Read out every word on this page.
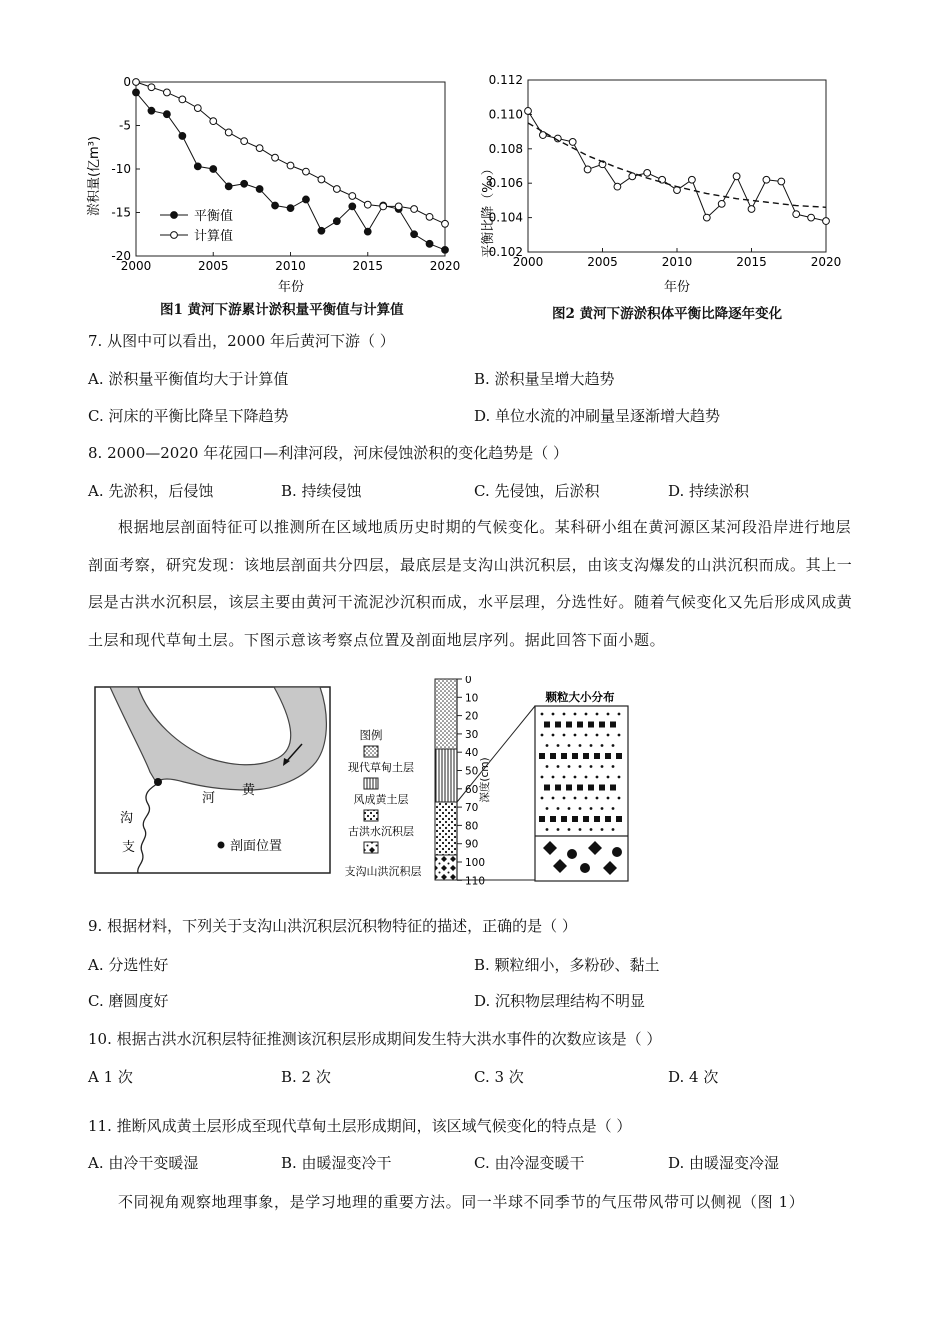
2000	2005	2010	2015	2020
0
-5
-10
-15
-20
平衡值
计算值
淤积量(亿m³)
年份
图1 黄河下游累计淤积量平衡值与计算值
2000	2005	2010	2015	2020
0.112
0.110
0.108
0.106
0.104
0.102
平衡比降（‰）
年份
图2 黄河下游淤积体平衡比降逐年变化
7. 从图中可以看出，2000 年后黄河下游（ ）
A. 淤积量平衡值均大于计算值	B. 淤积量呈增大趋势
C. 河床的平衡比降呈下降趋势	D. 单位水流的冲刷量呈逐渐增大趋势
8. 2000—2020 年花园口—利津河段，河床侵蚀淤积的变化趋势是（ ）
A. 先淤积，后侵蚀	B. 持续侵蚀	C. 先侵蚀，后淤积	D. 持续淤积
根据地层剖面特征可以推测所在区域地质历史时期的气候变化。某科研小组在黄河源区某河段沿岸进行地层剖面考察，研究发现：该地层剖面共分四层，最底层是支沟山洪沉积层，由该支沟爆发的山洪沉积而成。其上一层是古洪水沉积层，该层主要由黄河干流泥沙沉积而成，水平层理，分选性好。随着气候变化又先后形成风成黄土层和现代草甸土层。下图示意该考察点位置及剖面地层序列。据此回答下面小题。
河
黄
沟
支	剖面位置
图例
现代草甸土层
风成黄土层
古洪水沉积层
支沟山洪沉积层
0
10
20
30
40
50
60
70
80
90
100
110
深度(cm)
颗粒大小分布
9. 根据材料，下列关于支沟山洪沉积层沉积物特征的描述，正确的是（ ）
A. 分选性好	B. 颗粒细小，多粉砂、黏土
C. 磨圆度好	D. 沉积物层理结构不明显
10. 根据古洪水沉积层特征推测该沉积层形成期间发生特大洪水事件的次数应该是（ ）
A 1 次	B. 2 次	C. 3 次	D. 4 次
11. 推断风成黄土层形成至现代草甸土层形成期间，该区域气候变化的特点是（ ）
A. 由冷干变暖湿	B. 由暖湿变冷干	C. 由冷湿变暖干	D. 由暖湿变冷湿
不同视角观察地理事象，是学习地理的重要方法。同一半球不同季节的气压带风带可以侧视（图 1）
